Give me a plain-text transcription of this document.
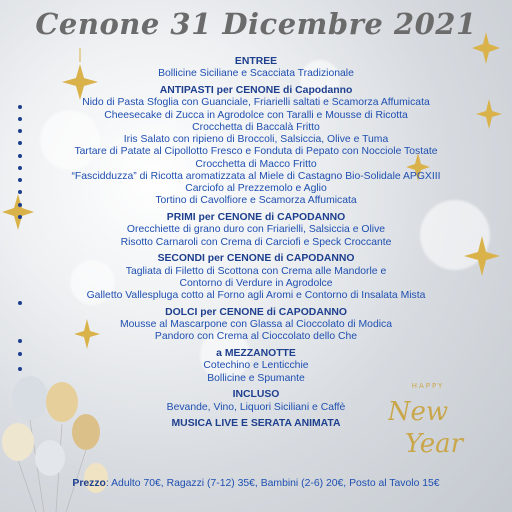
HAPPY
New
Year
Cenone 31 Dicembre 2021
ENTREE
Bollicine Siciliane e Scacciata Tradizionale
ANTIPASTI per CENONE di Capodanno
Nido di Pasta Sfoglia con Guanciale, Friarielli saltati e Scamorza Affumicata
Cheesecake di Zucca in Agrodolce con Taralli e Mousse di Ricotta
Crocchetta di Baccalà Fritto
Iris Salato con ripieno di Broccoli, Salsiccia, Olive e Tuma
Tartare di Patate al Cipollotto Fresco e Fonduta di Pepato con Nocciole Tostate
Crocchetta di Macco Fritto
“Fascidduzza” di Ricotta aromatizzata al Miele di Castagno Bio-Solidale APGXIII
Carciofo al Prezzemolo e Aglio
Tortino di Cavolfiore e Scamorza Affumicata
PRIMI per CENONE di CAPODANNO
Orecchiette di grano duro con Friarielli, Salsiccia e Olive
Risotto Carnaroli con Crema di Carciofi e Speck Croccante
SECONDI per CENONE di CAPODANNO
Tagliata di Filetto di Scottona con Crema alle Mandorle e
Contorno di Verdure in Agrodolce
Galletto Vallespluga cotto al Forno agli Aromi e Contorno di Insalata Mista
DOLCI per CENONE di CAPODANNO
Mousse al Mascarpone con Glassa al Cioccolato di Modica
Pandoro con Crema al Cioccolato dello Che
a MEZZANOTTE
Cotechino e Lenticchie
Bollicine e Spumante
INCLUSO
Bevande, Vino, Liquori Siciliani e Caffè
MUSICA LIVE E SERATA ANIMATA
Prezzo: Adulto 70€, Ragazzi (7-12) 35€, Bambini (2-6) 20€, Posto al Tavolo 15€
